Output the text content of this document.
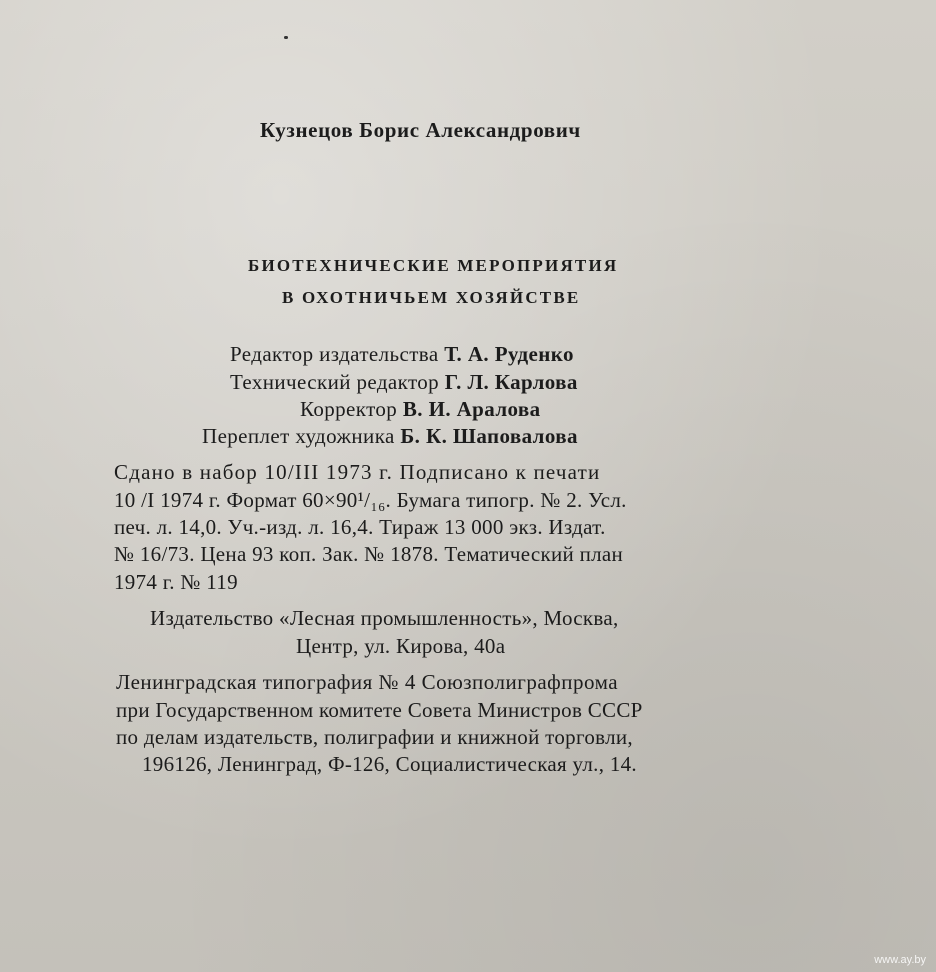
Кузнецов Борис Александрович
БИОТЕХНИЧЕСКИЕ МЕРОПРИЯТИЯ
В ОХОТНИЧЬЕМ ХОЗЯЙСТВЕ
Редактор издательства Т. А. Руденко
Технический редактор Г. Л. Карлова
Корректор В. И. Аралова
Переплет художника Б. К. Шаповалова
Сдано в набор 10/III 1973 г. Подписано к печати
10 /I 1974 г. Формат 60×90¹/₁₆. Бумага типогр. № 2. Усл.
печ. л. 14,0. Уч.-изд. л. 16,4. Тираж 13 000 экз. Издат.
№ 16/73. Цена 93 коп. Зак. № 1878. Тематический план
1974 г. № 119
Издательство «Лесная промышленность», Москва,
Центр, ул. Кирова, 40а
Ленинградская типография № 4 Союзполиграфпрома
при Государственном комитете Совета Министров СССР
по делам издательств, полиграфии и книжной торговли,
196126, Ленинград, Ф-126, Социалистическая ул., 14.
www.ay.by
